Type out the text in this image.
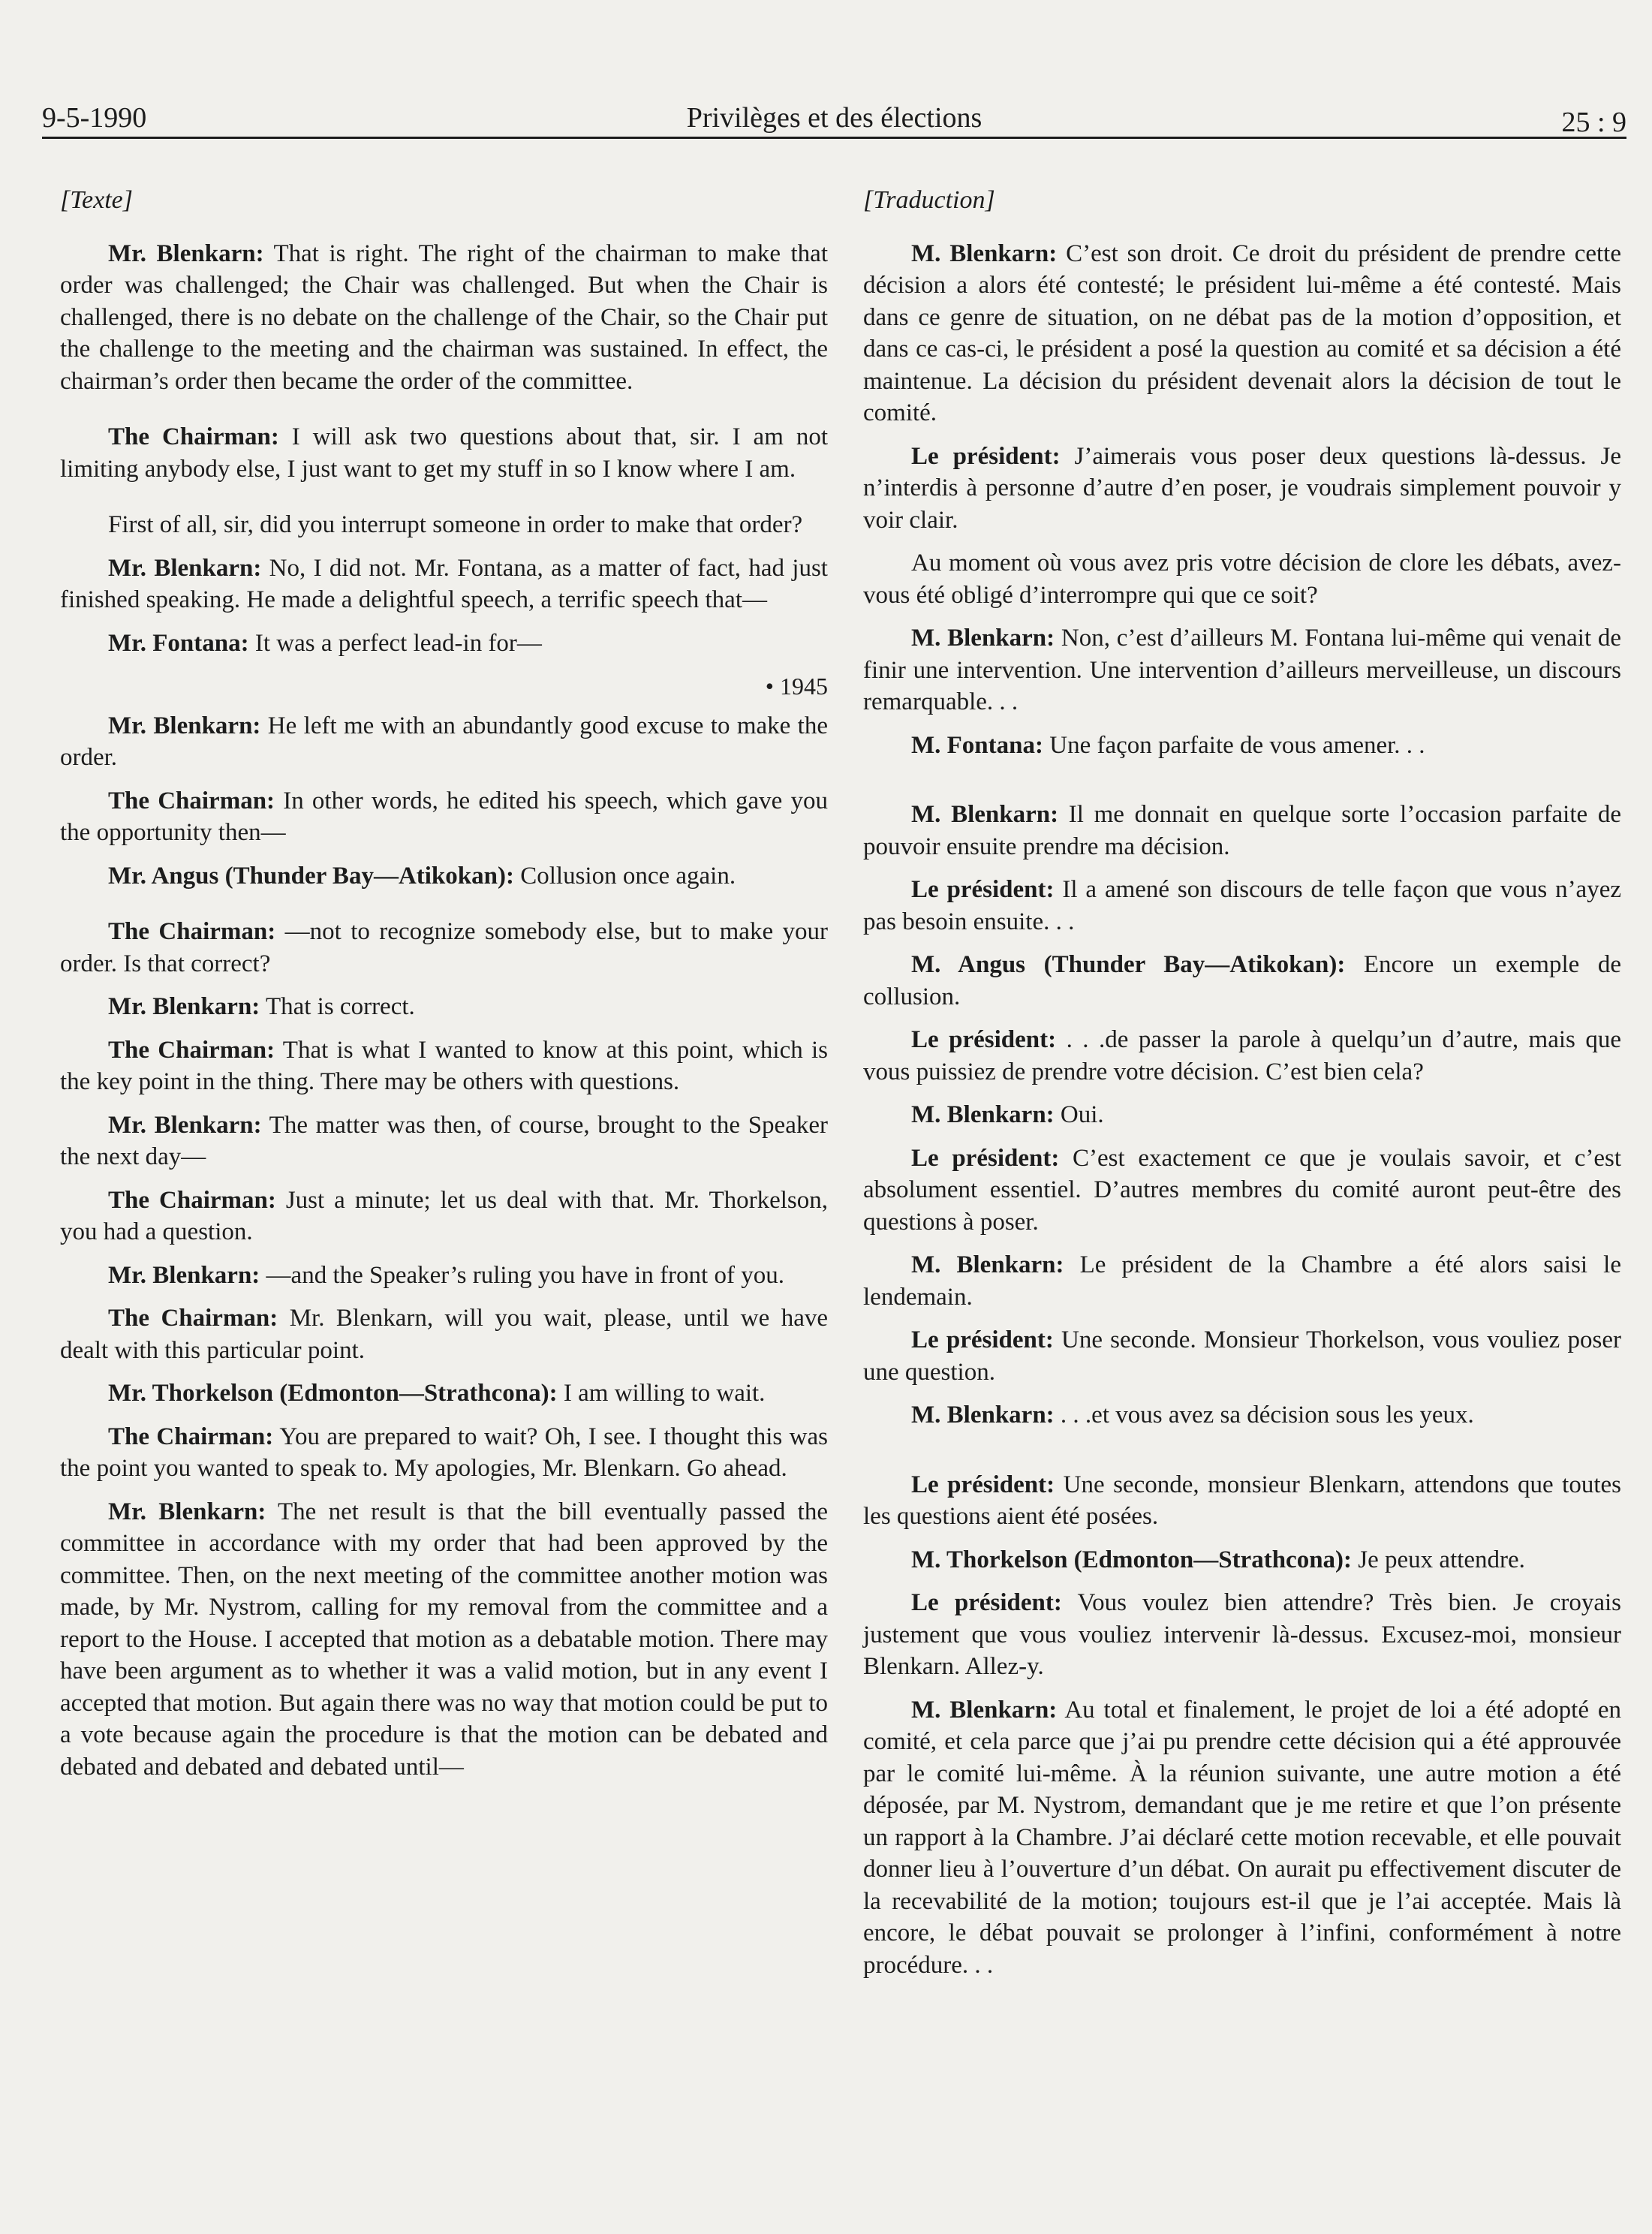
9-5-1990	Privilèges et des élections	25 : 9
[Texte]

Mr. Blenkarn: That is right. The right of the chairman to make that order was challenged; the Chair was challenged. But when the Chair is challenged, there is no debate on the challenge of the Chair, so the Chair put the challenge to the meeting and the chairman was sustained. In effect, the chairman’s order then became the order of the committee.

The Chairman: I will ask two questions about that, sir. I am not limiting anybody else, I just want to get my stuff in so I know where I am.

First of all, sir, did you interrupt someone in order to make that order?

Mr. Blenkarn: No, I did not. Mr. Fontana, as a matter of fact, had just finished speaking. He made a delightful speech, a terrific speech that—

Mr. Fontana: It was a perfect lead-in for—

• 1945

Mr. Blenkarn: He left me with an abundantly good excuse to make the order.

The Chairman: In other words, he edited his speech, which gave you the opportunity then—

Mr. Angus (Thunder Bay—Atikokan): Collusion once again.

The Chairman: —not to recognize somebody else, but to make your order. Is that correct?

Mr. Blenkarn: That is correct.

The Chairman: That is what I wanted to know at this point, which is the key point in the thing. There may be others with questions.

Mr. Blenkarn: The matter was then, of course, brought to the Speaker the next day—

The Chairman: Just a minute; let us deal with that. Mr. Thorkelson, you had a question.

Mr. Blenkarn: —and the Speaker’s ruling you have in front of you.

The Chairman: Mr. Blenkarn, will you wait, please, until we have dealt with this particular point.

Mr. Thorkelson (Edmonton—Strathcona): I am willing to wait.

The Chairman: You are prepared to wait? Oh, I see. I thought this was the point you wanted to speak to. My apologies, Mr. Blenkarn. Go ahead.

Mr. Blenkarn: The net result is that the bill eventually passed the committee in accordance with my order that had been approved by the committee. Then, on the next meeting of the committee another motion was made, by Mr. Nystrom, calling for my removal from the committee and a report to the House. I accepted that motion as a debatable motion. There may have been argument as to whether it was a valid motion, but in any event I accepted that motion. But again there was no way that motion could be put to a vote because again the procedure is that the motion can be debated and debated and debated and debated until—

[Traduction]

M. Blenkarn: C’est son droit. Ce droit du président de prendre cette décision a alors été contesté; le président lui-même a été contesté. Mais dans ce genre de situation, on ne débat pas de la motion d’opposition, et dans ce cas-ci, le président a posé la question au comité et sa décision a été maintenue. La décision du président devenait alors la décision de tout le comité.

Le président: J’aimerais vous poser deux questions là-dessus. Je n’interdis à personne d’autre d’en poser, je voudrais simplement pouvoir y voir clair.

Au moment où vous avez pris votre décision de clore les débats, avez-vous été obligé d’interrompre qui que ce soit?

M. Blenkarn: Non, c’est d’ailleurs M. Fontana lui-même qui venait de finir une intervention. Une intervention d’ailleurs merveilleuse, un discours remarquable. . .

M. Fontana: Une façon parfaite de vous amener. . .

M. Blenkarn: Il me donnait en quelque sorte l’occasion parfaite de pouvoir ensuite prendre ma décision.

Le président: Il a amené son discours de telle façon que vous n’ayez pas besoin ensuite. . .

M. Angus (Thunder Bay—Atikokan): Encore un exemple de collusion.

Le président: . . .de passer la parole à quelqu’un d’autre, mais que vous puissiez de prendre votre décision. C’est bien cela?

M. Blenkarn: Oui.

Le président: C’est exactement ce que je voulais savoir, et c’est absolument essentiel. D’autres membres du comité auront peut-être des questions à poser.

M. Blenkarn: Le président de la Chambre a été alors saisi le lendemain.

Le président: Une seconde. Monsieur Thorkelson, vous vouliez poser une question.

M. Blenkarn: . . .et vous avez sa décision sous les yeux.

Le président: Une seconde, monsieur Blenkarn, attendons que toutes les questions aient été posées.

M. Thorkelson (Edmonton—Strathcona): Je peux attendre.

Le président: Vous voulez bien attendre? Très bien. Je croyais justement que vous vouliez intervenir là-dessus. Excusez-moi, monsieur Blenkarn. Allez-y.

M. Blenkarn: Au total et finalement, le projet de loi a été adopté en comité, et cela parce que j’ai pu prendre cette décision qui a été approuvée par le comité lui-même. À la réunion suivante, une autre motion a été déposée, par M. Nystrom, demandant que je me retire et que l’on présente un rapport à la Chambre. J’ai déclaré cette motion recevable, et elle pouvait donner lieu à l’ouverture d’un débat. On aurait pu effectivement discuter de la recevabilité de la motion; toujours est-il que je l’ai acceptée. Mais là encore, le débat pouvait se prolonger à l’infini, conformément à notre procédure. . .
